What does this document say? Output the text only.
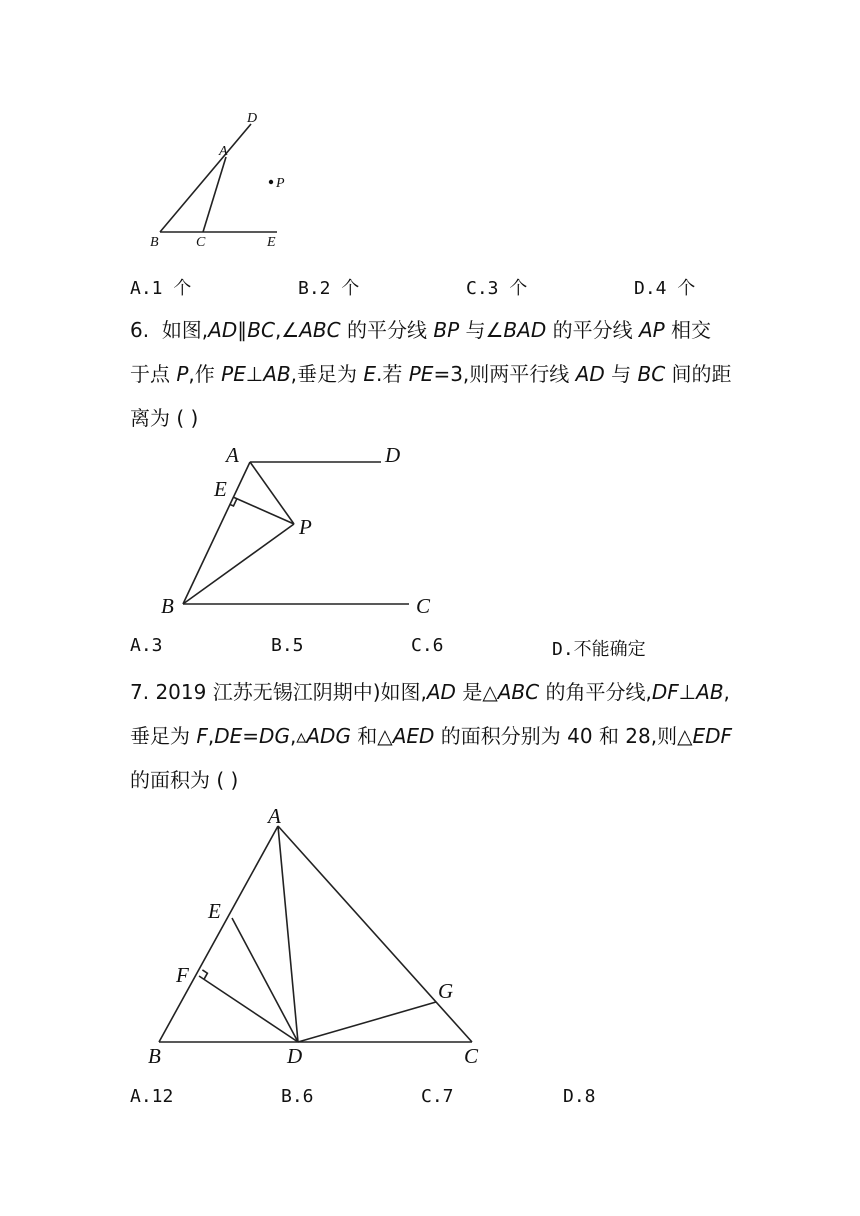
D
A
P
B	C	E
A.1 个	B.2 个	C.3 个	D.4 个
6. 如图,AD∥BC,∠ABC 的平分线 BP 与∠BAD 的平分线 AP 相交
于点 P,作 PE⊥AB,垂足为 E.若 PE=3,则两平行线 AD 与 BC 间的距
离为 ( )
A	D
E
P
B	C
A.3	B.5	C.6	D.不能确定
7. 2019 江苏无锡江阴期中)如图,AD 是△ABC 的角平分线,DF⊥AB,
垂足为 F,DE=DG,▵ADG 和△AED 的面积分别为 40 和 28,则△EDF
的面积为 ( )
A
E
F
G
B	D	C
A.12	B.6	C.7	D.8
